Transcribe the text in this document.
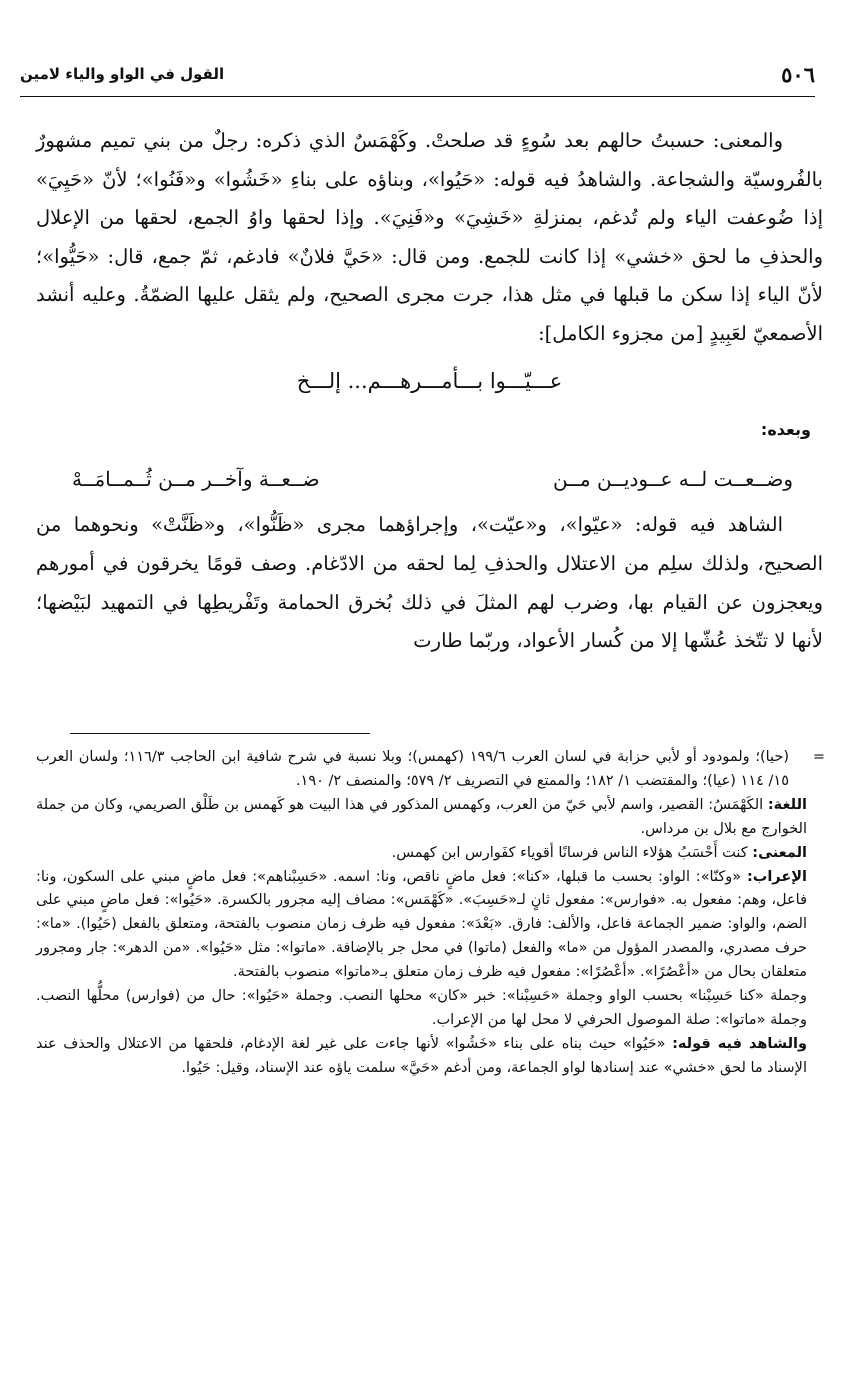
٥٠٦
القول في الواو والياء لامين

والمعنى: حسبتُ حالهم بعد سُوءٍ قد صلحتْ. وكَهْمَسٌ الذي ذكره: رجلٌ من بني تميم مشهورٌ بالفُروسيّة والشجاعة. والشاهدُ فيه قوله: «حَيُوا»، وبناؤه على بناءِ «خَشُوا» و«فَنُوا»؛ لأنّ «حَيِيَ» إذا ضُوعفت الياء ولم تُدغم، بمنزلةِ «خَشِيَ» و«فَنِيَ». وإذا لحقها واوُ الجمع، لحقها من الإعلال والحذفِ ما لحق «خشي» إذا كانت للجمع. ومن قال: «حَيَّ فلانٌ» فادغم، ثمّ جمع، قال: «حَيُّوا»؛ لأنّ الياء إذا سكن ما قبلها في مثل هذا، جرت مجرى الصحيح، ولم يثقل عليها الضمّةُ. وعليه أنشد الأصمعيّ لعَبِيدٍ [من مجزوء الكامل]:

عـــيّـــوا بـــأمـــرهـــم... إلـــخ
وبعده:
وضــعــت لــه عــوديــن مــن
ضــعــة وآخــر مــن ثُــمــامَــهْ

الشاهد فيه قوله: «عيّوا»، و«عيّت»، وإجراؤهما مجرى «ظَنُّوا»، و«ظَنَّتْ» ونحوهما من الصحيح، ولذلك سلِم من الاعتلال والحذفِ لِما لحقه من الادّغام. وصف قومًا يخرقون في أمورهم ويعجزون عن القيام بها، وضرب لهم المثلَ في ذلك بُخرق الحمامة وتَفْريطِها في التمهيد لبَيْضها؛ لأنها لا تتّخذ عُشّها إلا من كُسار الأعواد، وربّما طارت

=
(حيا)؛ ولمودود أو لأبي حزابة في لسان العرب ١٩٩/٦ (كهمس)؛ وبلا نسبة في شرح شافية ابن الحاجب ١١٦/٣؛ ولسان العرب ١٥/ ١١٤ (عيا)؛ والمقتضب ١/ ١٨٢؛ والممتع في التصريف ٢/ ٥٧٩؛ والمنصف ٢/ ١٩٠.

اللغة: الكَهْمَسُ: القصير، واسم لأبي حَيّ من العرب، وكهمس المذكور في هذا البيت هو كَهمس بن طَلْق الصريمي، وكان من جملة الخوارج مع بلال بن مرداس.

المعنى: كنت أَحْسَبُ هؤلاء الناس فرسانًا أقوياء كفَوارس ابن كهمس.

الإعراب: «وكنّا»: الواو: بحسب ما قبلها، «كنا»: فعل ماضٍ ناقص، ونا: اسمه. «حَسِبْناهم»: فعل ماضٍ مبني على السكون، ونا: فاعل، وهم: مفعول به. «فوارس»: مفعول ثانٍ لـ«حَسِبَ». «كَهْمَس»: مضاف إليه مجرور بالكسرة. «حَيُوا»: فعل ماضٍ مبني على الضم، والواو: ضمير الجماعة فاعل، والألف: فارق. «بَعْدَ»: مفعول فيه ظرف زمان منصوب بالفتحة، ومتعلق بالفعل (حَيُوا). «ما»: حرف مصدري، والمصدر المؤول من «ما» والفعل (ماتوا) في محل جر بالإضافة. «ماتوا»: مثل «حَيُوا». «من الدهر»: جار ومجرور متعلقان بحال من «أعْصُرًا». «أعْصُرًا»: مفعول فيه ظرف زمان متعلق بـ«ماتوا» منصوب بالفتحة.

وجملة «كنا حَسِبْنا» بحسب الواو وجملة «حَسِبْنا»: خبر «كان» محلها النصب. وجملة «حَيُوا»: حال من (فوارس) محلُّها النصب. وجملة «ماتوا»: صلة الموصول الحرفي لا محل لها من الإعراب.

والشاهد فيه قوله: «حَيُوا» حيث بناه على بناء «خَشُوا» لأنها جاءت على غير لغة الإدغام، فلحقها من الاعتلال والحذف عند الإسناد ما لحق «خشي» عند إسنادها لواو الجماعة، ومن أدغم «حَيَّ» سلمت ياؤه عند الإسناد، وقيل: حَيُوا.
